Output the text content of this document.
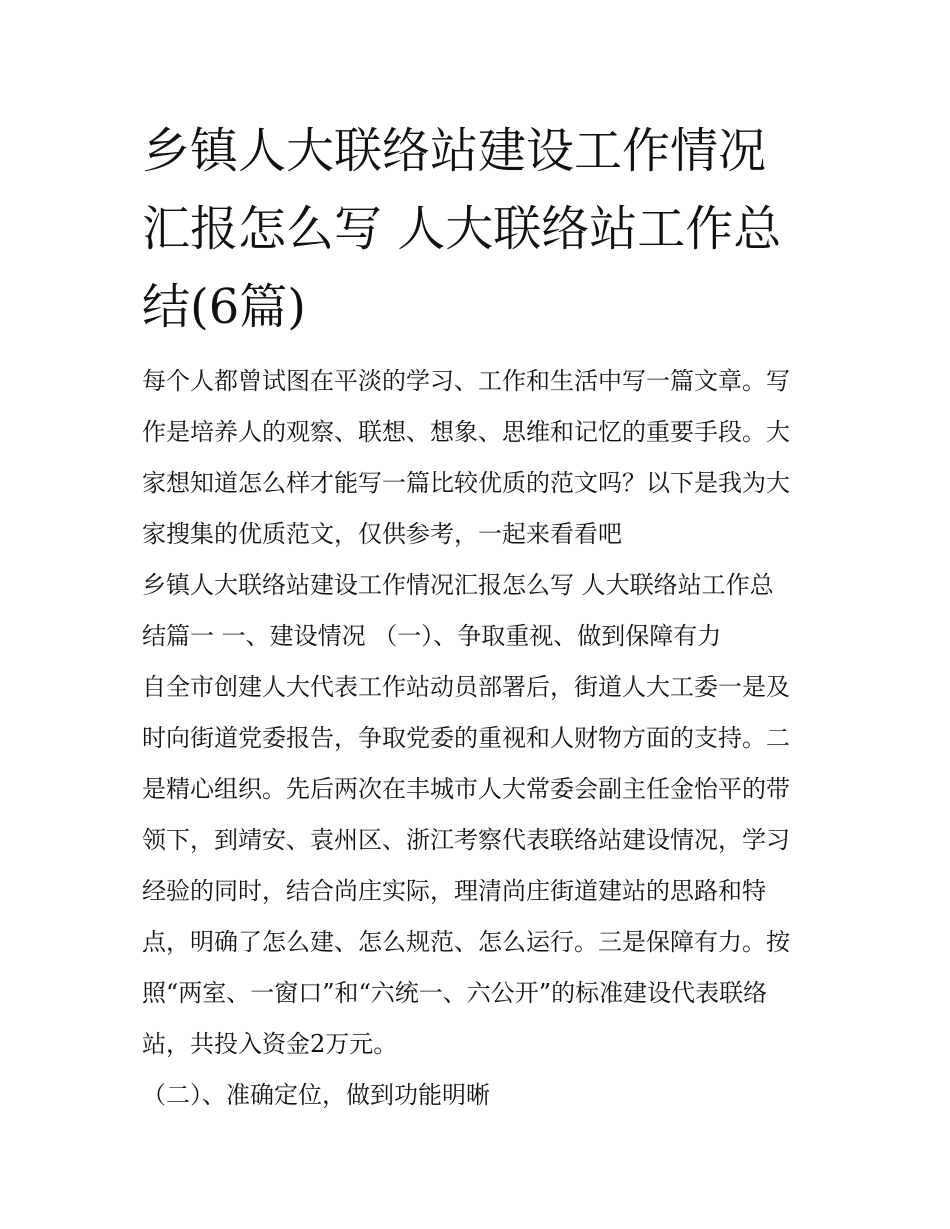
乡镇人大联络站建设工作情况
汇报怎么写 人大联络站工作总
结(6篇)
每个人都曾试图在平淡的学习、工作和生活中写一篇文章。写
作是培养人的观察、联想、想象、思维和记忆的重要手段。大
家想知道怎么样才能写一篇比较优质的范文吗？以下是我为大
家搜集的优质范文，仅供参考，一起来看看吧
乡镇人大联络站建设工作情况汇报怎么写 人大联络站工作总
结篇一 一、建设情况 （一）、争取重视、做到保障有力
自全市创建人大代表工作站动员部署后，街道人大工委一是及
时向街道党委报告，争取党委的重视和人财物方面的支持。二
是精心组织。先后两次在丰城市人大常委会副主任金怡平的带
领下，到靖安、袁州区、浙江考察代表联络站建设情况，学习
经验的同时，结合尚庄实际，理清尚庄街道建站的思路和特
点，明确了怎么建、怎么规范、怎么运行。三是保障有力。按
照“两室、一窗口”和“六统一、六公开”的标准建设代表联络
站，共投入资金2万元。
（二）、准确定位，做到功能明晰
